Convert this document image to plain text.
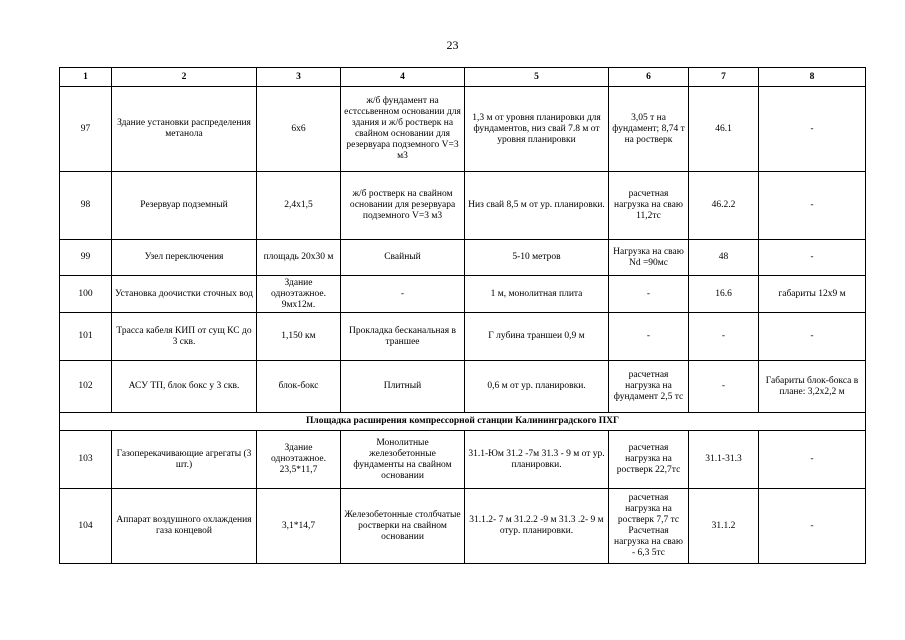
23
1	2	3	4	5	6	7	8
97	Здание установки распределения метанола	6x6	ж/б фундамент на естссьвенном основании для здания и ж/б ростверк на свайном основании для резервуара подземного V=3 м3	1,3 м от уровня планировки для фундаментов, низ свай 7.8 м от уровня планировки	3,05 т на фундамент; 8,74 т на ростверк	46.1	-
98	Резервуар подземный	2,4x1,5	ж/б ростверк на свайном основании для резервуара подземного V=3 м3	Низ свай 8,5 м от ур. планировки.	расчетная нагрузка на сваю 11,2тс	46.2.2	-
99	Узел переключения	площадь 20х30 м	Свайный	5-10 метров	Нагрузка на сваю Nd =90мс	48	-
100	Установка доочистки сточных вод	Здание одноэтажное. 9мх12м.	-	1 м, монолитная плита	-	16.6	габариты 12х9 м
101	Трасса кабеля КИП от сущ КС до 3 скв.	1,150 км	Прокладка бесканальная в траншее	Г лубина траншеи 0,9 м	-	-	-
102	АСУ ТП, блок бокс у 3 скв.	блок-бокс	Плитный	0,6 м от ур. планировки.	расчетная нагрузка на фундамент 2,5 тс	-	Габариты блок-бокса в плане: 3,2х2,2 м
Площадка расширения компрессорной станции Калининградского ПХГ							
103	Газоперекачивающие агрегаты (3 шт.)	Здание одноэтажное. 23,5*11,7	Монолитные железобетонные фундаменты на свайном основании	31.1-Юм 31.2 -7м 31.3 - 9 м от ур. планировки.	расчетная нагрузка на ростверк 22,7тс	31.1-31.3	-
104	Аппарат воздушного охлаждения газа концевой	3,1*14,7	Железобетонные столбчатые ростверки на свайном основании	31.1.2- 7 м 31.2.2 -9 м 31.3 .2- 9 м отур. планировки.	расчетная нагрузка на ростверк 7,7 тс Расчетная нагрузка на сваю - 6,3 5тс	31.1.2	-
